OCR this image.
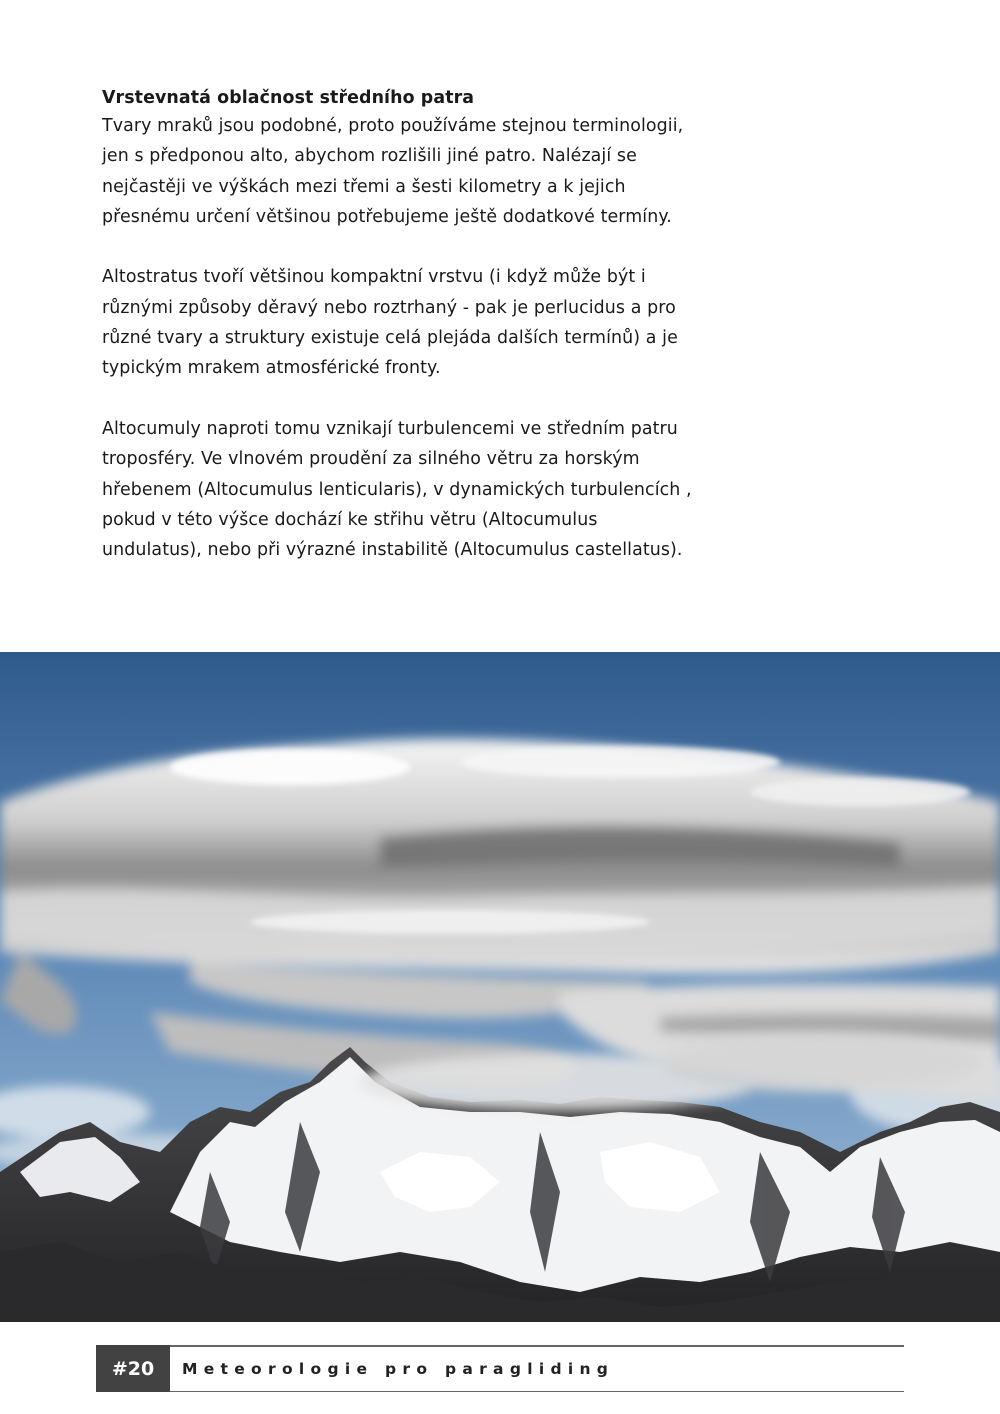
Vrstevnatá oblačnost středního patra

Tvary mraků jsou podobné, proto používáme stejnou terminologii, jen s předponou alto, abychom rozlišili jiné patro. Nalézají se nejčastěji ve výškách mezi třemi a šesti kilometry a k jejich přesnému určení většinou potřebujeme ještě dodatkové termíny.

Altostratus tvoří většinou kompaktní vrstvu (i když může být i různými způsoby děravý nebo roztrhaný - pak je perlucidus a pro různé tvary a struktury existuje celá plejáda dalších termínů) a je typickým mrakem atmosférické fronty.

Altocumuly naproti tomu vznikají turbulencemi ve středním patru troposféry. Ve vlnovém proudění za silného větru za horským hřebenem (Altocumulus lenticularis), v dynamických turbulencích , pokud v této výšce dochází ke střihu větru (Altocumulus undulatus), nebo při výrazné instabilitě (Altocumulus castellatus).

#20	Meteorologie pro paragliding
